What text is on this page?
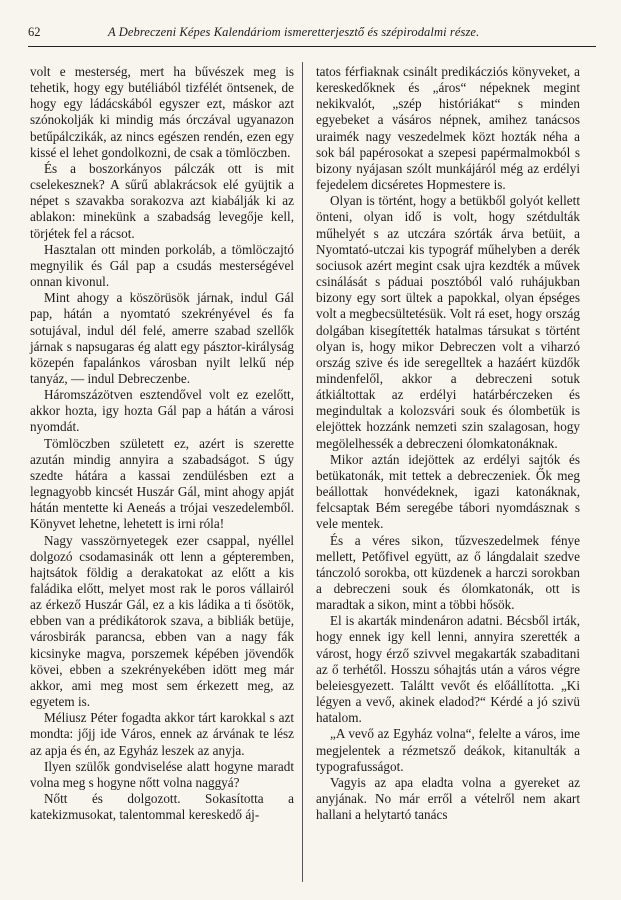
62	A Debreczeni Képes Kalendáriom ismeretterjesztő és szépirodalmi része.

volt e mesterség, mert ha bűvészek meg is tehetik, hogy egy butéliából tizfélét öntsenek, de hogy egy ládácskából egyszer ezt, máskor azt szónokolják ki mindig más órczával ugyanazon betűpálczikák, az nincs egészen rendén, ezen egy kissé el lehet gondolkozni, de csak a tömlöczben.

És a boszorkányos pálczák ott is mit cselekesznek? A sűrű ablakrácsok elé gyüjtik a népet s szavakba sorakozva azt kiabálják ki az ablakon: minekünk a szabadság levegője kell, törjétek fel a rácsot.

Hasztalan ott minden porkoláb, a tömlöczajtó megnyilik és Gál pap a csudás mesterségével onnan kivonul.

Mint ahogy a köszörüsök járnak, indul Gál pap, hátán a nyomtató szekrényével és fa sotujával, indul dél felé, amerre szabad szellők járnak s napsugaras ég alatt egy pásztor-királyság közepén fapalánkos városban nyilt lelkű nép tanyáz, — indul Debreczenbe.

Háromszázötven esztendővel volt ez ezelőtt, akkor hozta, igy hozta Gál pap a hátán a városi nyomdát.

Tömlöczben született ez, azért is szerette azután mindig annyira a szabadságot. S úgy szedte hátára a kassai zendülésben ezt a legnagyobb kincsét Huszár Gál, mint ahogy apját hátán mentette ki Aeneás a trójai veszedelemből. Könyvet lehetne, lehetett is irni róla!

Nagy vasszörnyetegek ezer csappal, nyéllel dolgozó csodamasinák ott lenn a gépteremben, hajtsátok földig a derakatokat az előtt a kis faládika előtt, melyet most rak le poros vállairól az érkező Huszár Gál, ez a kis ládika a ti ősötök, ebben van a prédikátorok szava, a bibliák betüje, városbirák parancsa, ebben van a nagy fák kicsinyke magva, porszemek képében jövendők kövei, ebben a szekrényekében idött meg már akkor, ami meg most sem érkezett meg, az egyetem is.

Méliusz Péter fogadta akkor tárt karokkal s azt mondta: jőjj ide Város, ennek az árvának te lész az apja és én, az Egyház leszek az anyja.

Ilyen szülők gondviselése alatt hogyne maradt volna meg s hogyne nőtt volna naggyá?

Nőtt és dolgozott. Sokasította a katekizmusokat, talentommal kereskedő áj-

tatos férfiaknak csinált predikácziós könyveket, a kereskedőknek és „áros“ népeknek megint nekikvalót, „szép históriákat“ s minden egyebeket a vásáros népnek, amihez tanácsos uraimék nagy veszedelmek közt hozták néha a sok bál papérosokat a szepesi papérmalmokból s bizony nyájasan szólt munkájáról még az erdélyi fejedelem dicséretes Hopmestere is.

Olyan is történt, hogy a betükből golyót kellett önteni, olyan idő is volt, hogy szétdulták műhelyét s az utczára szórták árva betüit, a Nyomtató-utczai kis typográf műhelyben a derék sociusok azért megint csak ujra kezdték a művek csinálását s páduai posztóból való ruhájukban bizony egy sort ültek a papokkal, olyan épséges volt a megbecsültetésük. Volt rá eset, hogy ország dolgában kisegítették hatalmas társukat s történt olyan is, hogy mikor Debreczen volt a viharzó ország szive és ide seregelltek a hazáért küzdők mindenfelől, akkor a debreczeni sotuk átkiáltottak az erdélyi határbérczeken és megindultak a kolozsvári souk és ólombetük is elejöttek hozzánk nemzeti szin szalagosan, hogy megölelhessék a debreczeni ólomkatonáknak.

Mikor aztán idejöttek az erdélyi sajtók és betükatonák, mit tettek a debreczeniek. Ők meg beállottak honvédeknek, igazi katonáknak, felcsaptak Bém seregébe tábori nyomdásznak s vele mentek.

És a véres sikon, tűzveszedelmek fénye mellett, Petőfivel együtt, az ő lángdalait szedve tánczoló sorokba, ott küzdenek a harczi sorokban a debreczeni souk és ólomkatonák, ott is maradtak a sikon, mint a többi hősök.

El is akarták mindenáron adatni. Bécsből irták, hogy ennek igy kell lenni, annyira szerették a várost, hogy érző szivvel megakarták szabaditani az ő terhétől. Hosszu sóhajtás után a város végre beleiesgyezett. Találtt vevőt és előállította. „Ki légyen a vevő, akinek eladod?“ Kérdé a jó szivü hatalom.

„A vevő az Egyház volna“, felelte a város, ime megjelentek a rézmetsző deákok, kitanulták a typografusságot.

Vagyis az apa eladta volna a gyereket az anyjának. No már erről a vételről nem akart hallani a helytartó tanács
